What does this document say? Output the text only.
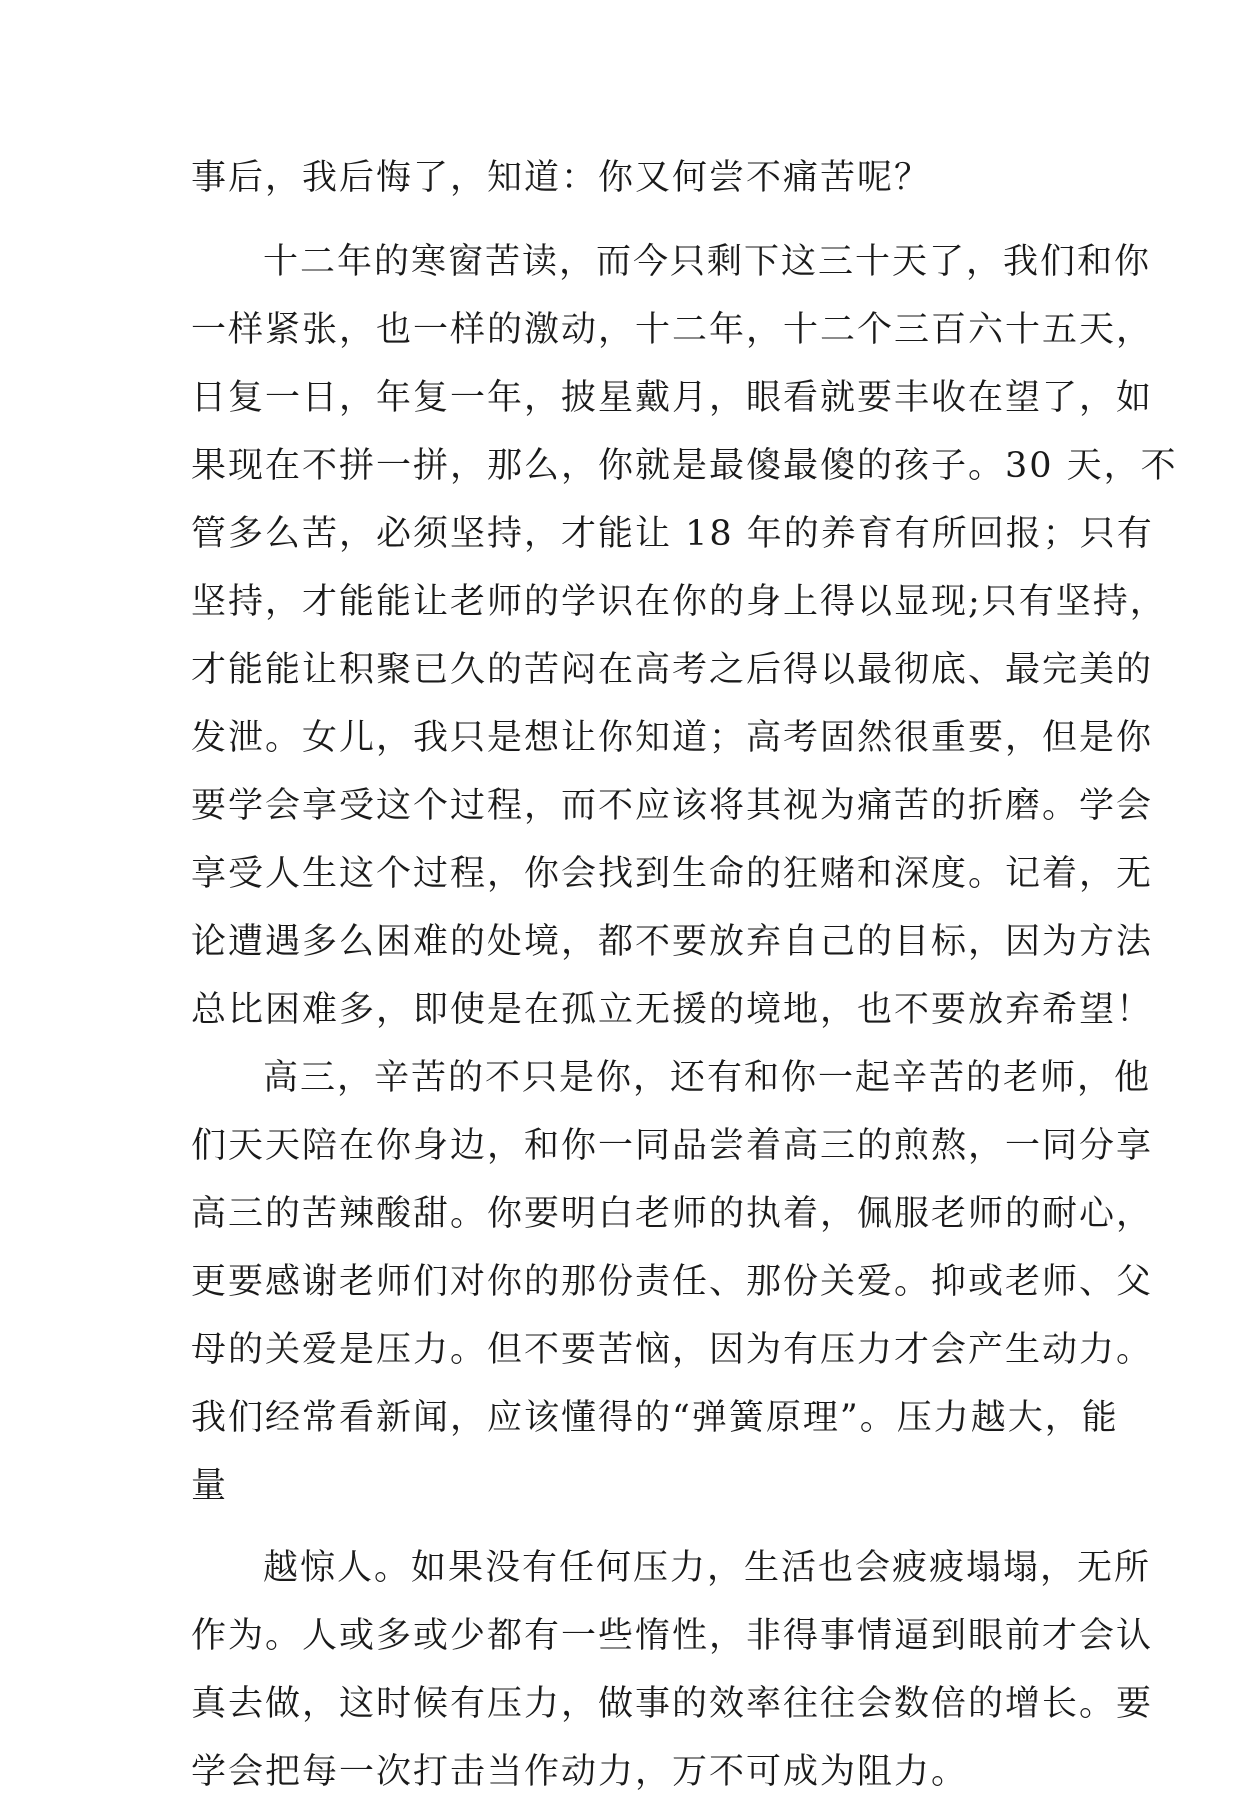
事后，我后悔了，知道：你又何尝不痛苦呢？
十二年的寒窗苦读，而今只剩下这三十天了，我们和你
一样紧张，也一样的激动，十二年，十二个三百六十五天，
日复一日，年复一年，披星戴月，眼看就要丰收在望了，如
果现在不拼一拼，那么，你就是最傻最傻的孩子。30 天，不
管多么苦，必须坚持，才能让 18 年的养育有所回报；只有
坚持，才能能让老师的学识在你的身上得以显现;只有坚持，
才能能让积聚已久的苦闷在高考之后得以最彻底、最完美的
发泄。女儿，我只是想让你知道；高考固然很重要，但是你
要学会享受这个过程，而不应该将其视为痛苦的折磨。学会
享受人生这个过程，你会找到生命的狂赌和深度。记着，无
论遭遇多么困难的处境，都不要放弃自己的目标，因为方法
总比困难多，即使是在孤立无援的境地，也不要放弃希望！
高三，辛苦的不只是你，还有和你一起辛苦的老师，他
们天天陪在你身边，和你一同品尝着高三的煎熬，一同分享
高三的苦辣酸甜。你要明白老师的执着，佩服老师的耐心，
更要感谢老师们对你的那份责任、那份关爱。抑或老师、父
母的关爱是压力。但不要苦恼，因为有压力才会产生动力。
我们经常看新闻，应该懂得的“弹簧原理”。压力越大，能
量
越惊人。如果没有任何压力，生活也会疲疲塌塌，无所
作为。人或多或少都有一些惰性，非得事情逼到眼前才会认
真去做，这时候有压力，做事的效率往往会数倍的增长。要
学会把每一次打击当作动力，万不可成为阻力。
